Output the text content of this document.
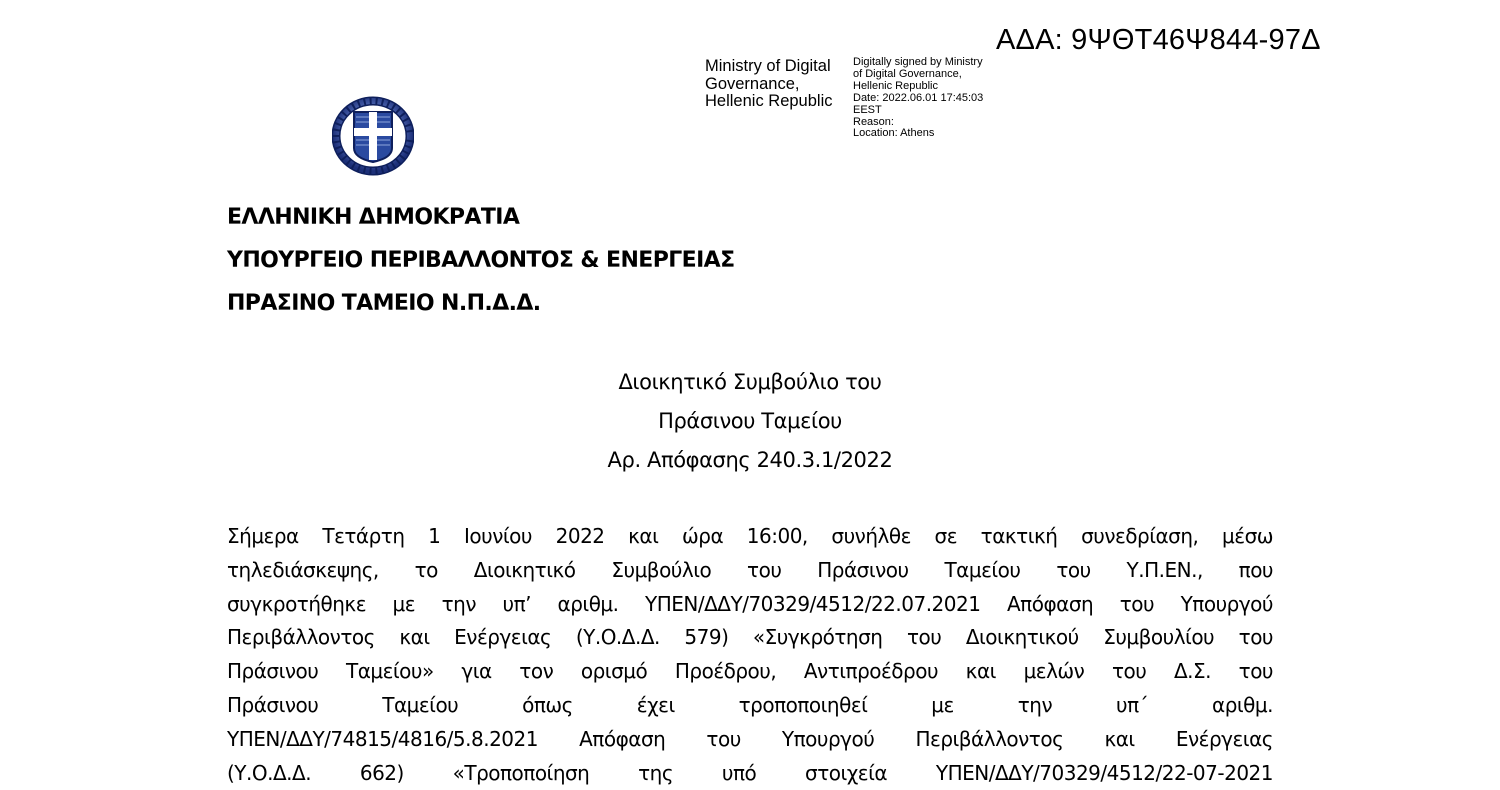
ΑΔΑ: 9ΨΘΤ46Ψ844-97Δ
Ministry of Digital
Governance,
Hellenic Republic
Digitally signed by Ministry
of Digital Governance,
Hellenic Republic
Date: 2022.06.01 17:45:03
EEST
Reason:
Location: Athens
ΕΛΛΗΝΙΚΗ ΔΗΜΟΚΡΑΤΙΑ
ΥΠΟΥΡΓΕΙΟ ΠΕΡΙΒΑΛΛΟΝΤΟΣ & ΕΝΕΡΓΕΙΑΣ
ΠΡΑΣΙΝΟ ΤΑΜΕΙΟ Ν.Π.Δ.Δ.
Διοικητικό Συμβούλιο του
Πράσινου Ταμείου
Αρ. Απόφασης 240.3.1/2022
Σήμερα Τετάρτη 1 Ιουνίου 2022 και ώρα 16:00, συνήλθε σε τακτική συνεδρίαση, μέσω
τηλεδιάσκεψης, το Διοικητικό Συμβούλιο του Πράσινου Ταμείου του Υ.Π.ΕΝ., που
συγκροτήθηκε με την υπ’ αριθμ. ΥΠΕΝ/ΔΔΥ/70329/4512/22.07.2021 Απόφαση του Υπουργού
Περιβάλλοντος και Ενέργειας (Υ.Ο.Δ.Δ. 579) «Συγκρότηση του Διοικητικού Συμβουλίου του
Πράσινου Ταμείου» για τον ορισμό Προέδρου, Αντιπροέδρου και μελών του Δ.Σ. του
Πράσινου Ταμείου όπως έχει τροποποιηθεί με την υπ΄ αριθμ.
ΥΠΕΝ/ΔΔΥ/74815/4816/5.8.2021 Απόφαση του Υπουργού Περιβάλλοντος και Ενέργειας
(Υ.Ο.Δ.Δ. 662) «Τροποποίηση της υπό στοιχεία ΥΠΕΝ/ΔΔΥ/70329/4512/22-07-2021
